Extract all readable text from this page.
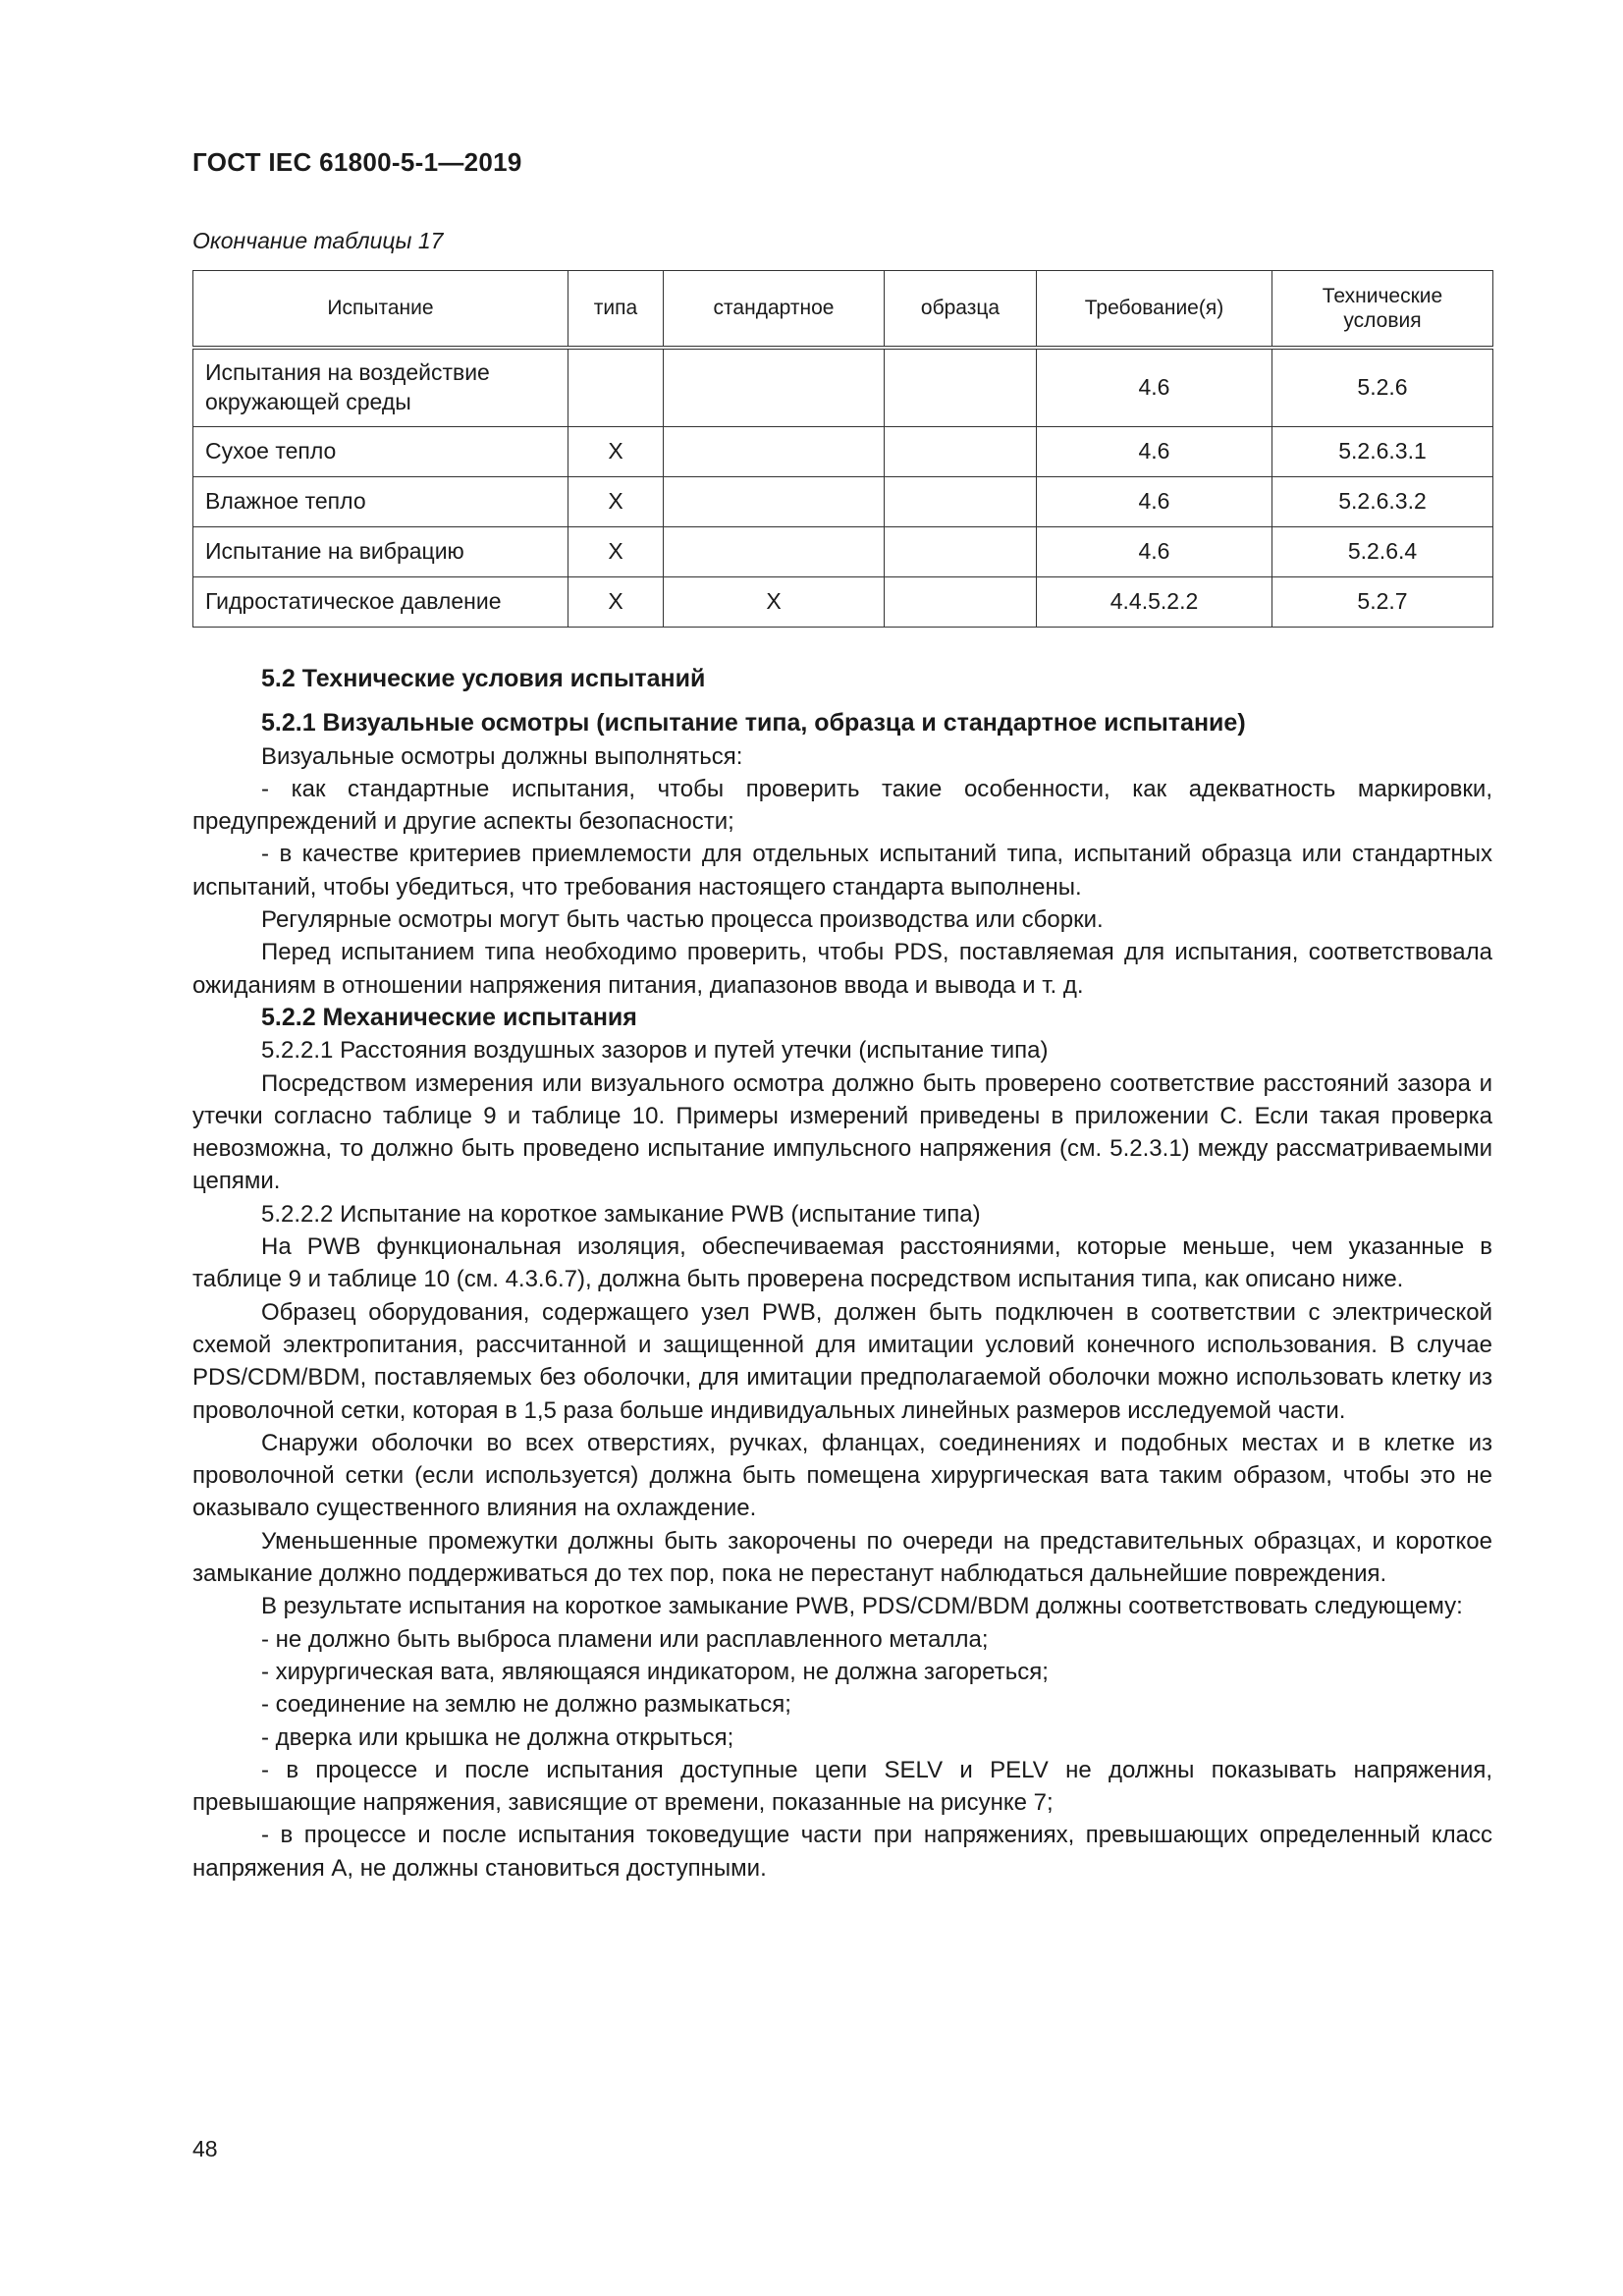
ГОСТ IEC 61800-5-1—2019
Окончание таблицы 17
Испытание	типа	стандартное	образца	Требование(я)	Технические условия
Испытания на воздействие окружающей среды				4.6	5.2.6
Сухое тепло	X			4.6	5.2.6.3.1
Влажное тепло	X			4.6	5.2.6.3.2
Испытание на вибрацию	X			4.6	5.2.6.4
Гидростатическое давление	X	X		4.4.5.2.2	5.2.7

5.2 Технические условия испытаний

5.2.1 Визуальные осмотры (испытание типа, образца и стандартное испытание)

Визуальные осмотры должны выполняться:

- как стандартные испытания, чтобы проверить такие особенности, как адекватность маркировки, предупреждений и другие аспекты безопасности;

- в качестве критериев приемлемости для отдельных испытаний типа, испытаний образца или стандартных испытаний, чтобы убедиться, что требования настоящего стандарта выполнены.

Регулярные осмотры могут быть частью процесса производства или сборки.

Перед испытанием типа необходимо проверить, чтобы PDS, поставляемая для испытания, соответствовала ожиданиям в отношении напряжения питания, диапазонов ввода и вывода и т. д.

5.2.2 Механические испытания

5.2.2.1 Расстояния воздушных зазоров и путей утечки (испытание типа)

Посредством измерения или визуального осмотра должно быть проверено соответствие расстояний зазора и утечки согласно таблице 9 и таблице 10. Примеры измерений приведены в приложении С. Если такая проверка невозможна, то должно быть проведено испытание импульсного напряжения (см. 5.2.3.1) между рассматриваемыми цепями.

5.2.2.2 Испытание на короткое замыкание PWB (испытание типа)

На PWB функциональная изоляция, обеспечиваемая расстояниями, которые меньше, чем указанные в таблице 9 и таблице 10 (см. 4.3.6.7), должна быть проверена посредством испытания типа, как описано ниже.

Образец оборудования, содержащего узел PWB, должен быть подключен в соответствии с электрической схемой электропитания, рассчитанной и защищенной для имитации условий конечного использования. В случае PDS/CDM/BDM, поставляемых без оболочки, для имитации предполагаемой оболочки можно использовать клетку из проволочной сетки, которая в 1,5 раза больше индивидуальных линейных размеров исследуемой части.

Снаружи оболочки во всех отверстиях, ручках, фланцах, соединениях и подобных местах и в клетке из проволочной сетки (если используется) должна быть помещена хирургическая вата таким образом, чтобы это не оказывало существенного влияния на охлаждение.

Уменьшенные промежутки должны быть закорочены по очереди на представительных образцах, и короткое замыкание должно поддерживаться до тех пор, пока не перестанут наблюдаться дальнейшие повреждения.

В результате испытания на короткое замыкание PWB, PDS/CDM/BDM должны соответствовать следующему:

- не должно быть выброса пламени или расплавленного металла;

- хирургическая вата, являющаяся индикатором, не должна загореться;

- соединение на землю не должно размыкаться;

- дверка или крышка не должна открыться;

- в процессе и после испытания доступные цепи SELV и PELV не должны показывать напряжения, превышающие напряжения, зависящие от времени, показанные на рисунке 7;

- в процессе и после испытания токоведущие части при напряжениях, превышающих определенный класс напряжения А, не должны становиться доступными.

48
